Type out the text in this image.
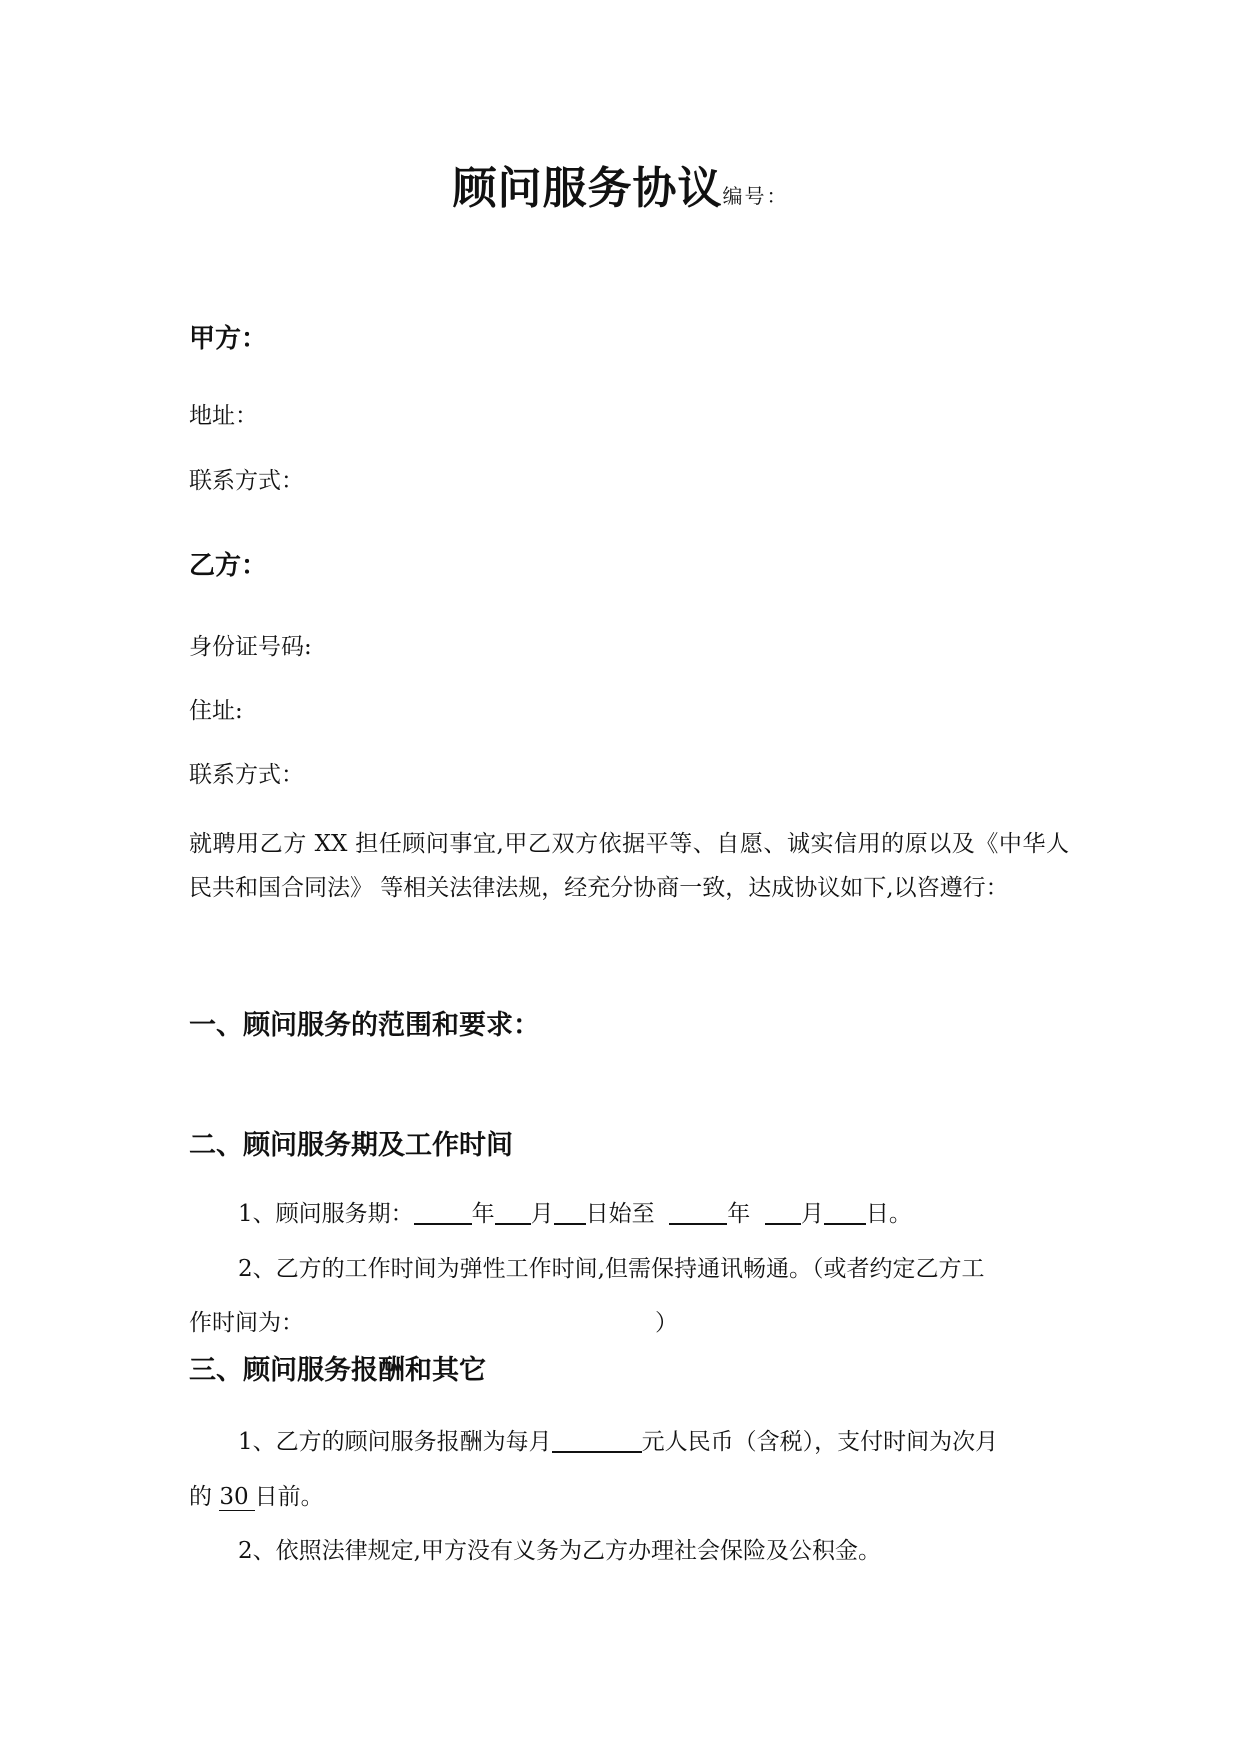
顾问服务协议编号：
甲方：
地址：
联系方式：
乙方：
身份证号码:
住址:
联系方式：
就聘用乙方 XX 担任顾问事宜,甲乙双方依据平等、自愿、诚实信用的原以及《中华人民共和国合同法》 等相关法律法规，经充分协商一致，达成协议如下,以咨遵行：
一、顾问服务的范围和要求：
二、顾问服务期及工作时间
1、顾问服务期：	年 月 日始至	年 月 日。
2、乙方的工作时间为弹性工作时间,但需保持通讯畅通。（或者约定乙方工
作时间为：	）
三、顾问服务报酬和其它
1、乙方的顾问服务报酬为每月	元人民币（含税），支付时间为次月
的 30 日前。
2、依照法律规定,甲方没有义务为乙方办理社会保险及公积金。
